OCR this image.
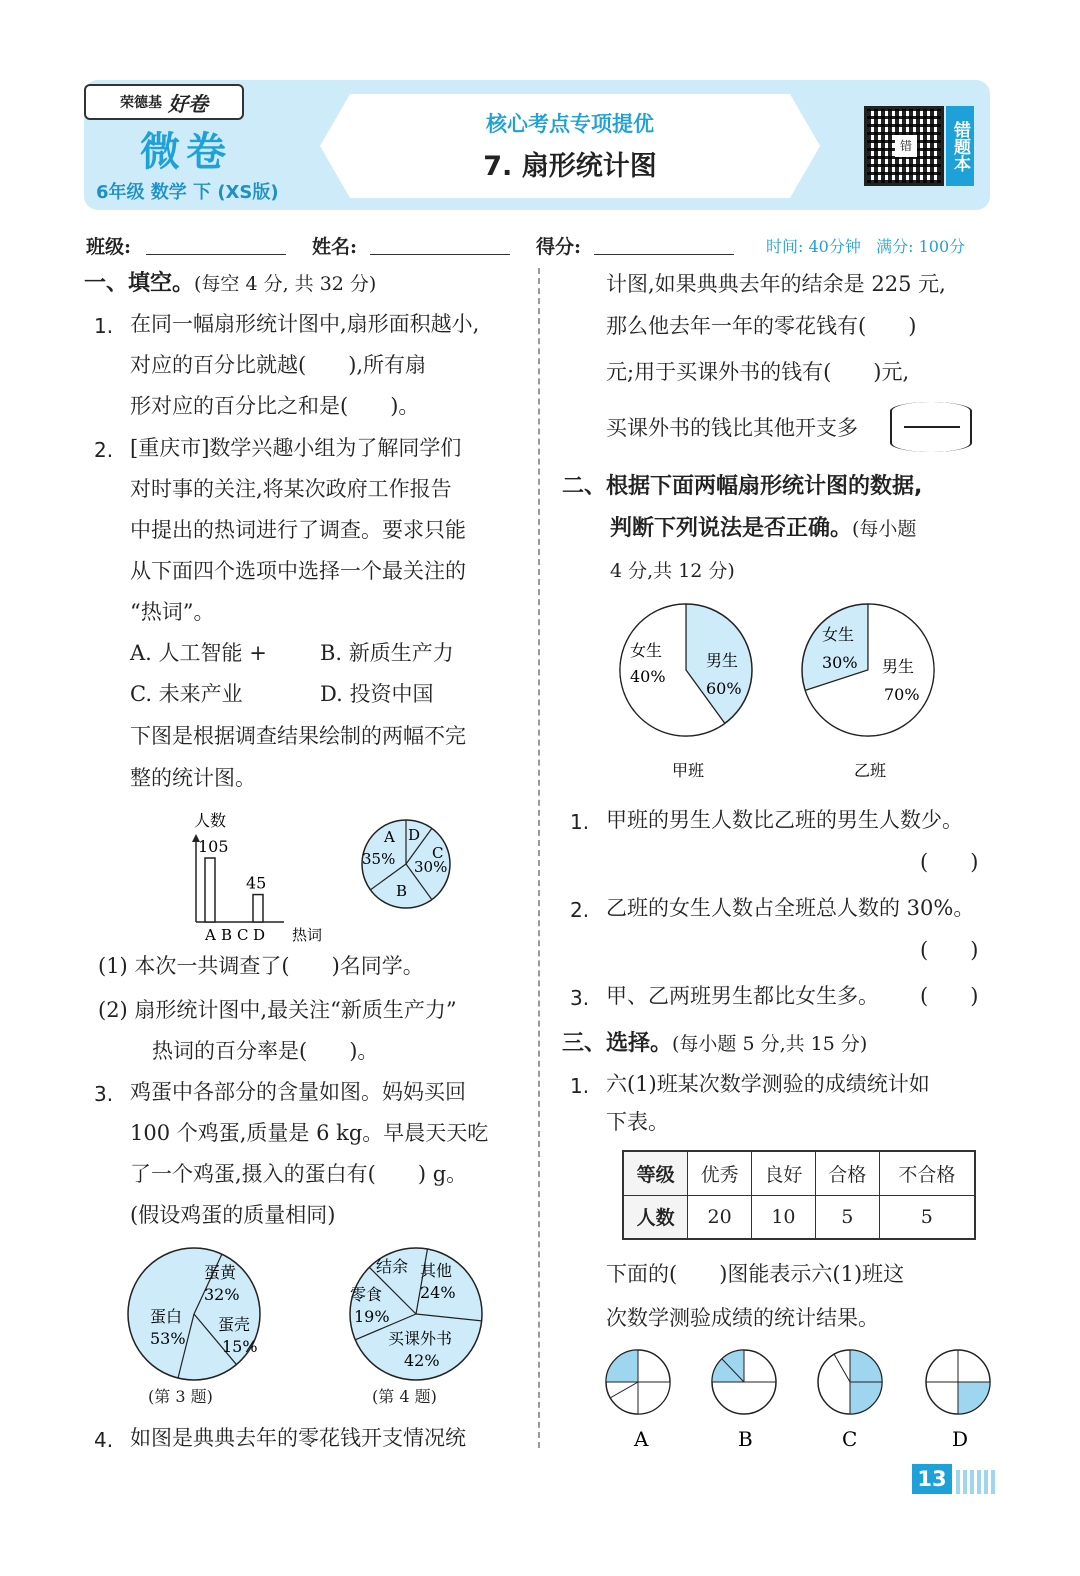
荣德基 好卷
微卷
6年级 数学 下 (XS版)
核心考点专项提优
7. 扇形统计图
错 错题本
班级:	姓名:	得分:	时间: 40分钟 满分: 100分
一、填空。(每空 4 分, 共 32 分)
1. 在同一幅扇形统计图中,扇形面积越小,
对应的百分比就越(　　),所有扇
形对应的百分比之和是(　　)。
2. [重庆市]数学兴趣小组为了解同学们
对时事的关注,将某次政府工作报告
中提出的热词进行了调查。要求只能
从下面四个选项中选择一个最关注的
“热词”。
A. 人工智能 +	B. 新质生产力
C. 未来产业	D. 投资中国
下图是根据调查结果绘制的两幅不完
整的统计图。
人数
105
A B C
45
D 热词
A
35%
D
C
30%
B
(1) 本次一共调查了(　　)名同学。
(2) 扇形统计图中,最关注“新质生产力”
热词的百分率是(　　)。
3. 鸡蛋中各部分的含量如图。妈妈买回
100 个鸡蛋,质量是 6 kg。早晨天天吃
了一个鸡蛋,摄入的蛋白有(　　) g。
(假设鸡蛋的质量相同)
蛋黄
32%
蛋壳
15%
蛋白
53%
(第 3 题)
其他
24%
买课外书
42%
零食
19%
结余
(第 4 题)
4. 如图是典典去年的零花钱开支情况统
计图,如果典典去年的结余是 225 元,
那么他去年一年的零花钱有(　　)
元;用于买课外书的钱有(　　)元,
买课外书的钱比其他开支多
二、根据下面两幅扇形统计图的数据,
判断下列说法是否正确。(每小题
4 分,共 12 分)
女生
40%
男生
60%
甲班
女生
30% 男生
70%
乙班
1. 甲班的男生人数比乙班的男生人数少。
(　　)
2. 乙班的女生人数占全班总人数的 30%。
(　　)
3. 甲、乙两班男生都比女生多。 (　　)
三、选择。(每小题 5 分,共 15 分)
1. 六(1)班某次数学测验的成绩统计如
下表。
等级	优秀	良好	合格	不合格
人数	20	10	5	5
下面的(　　)图能表示六(1)班这
次数学测验成绩的统计结果。
A	B	C	D
13
